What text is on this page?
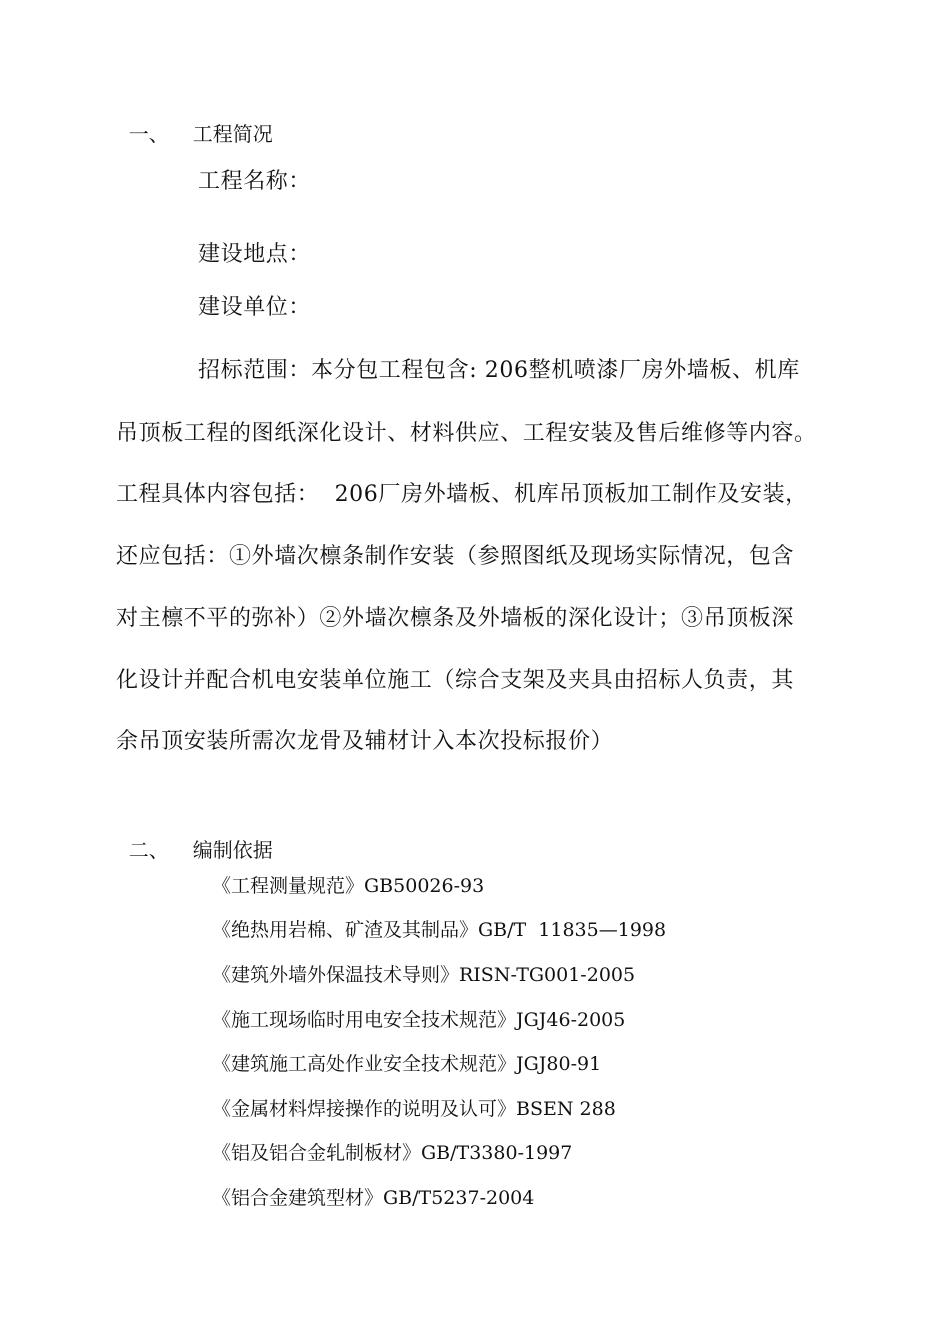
一、 工程简况

工程名称：
建设地点：
建设单位：
招标范围：本分包工程包含: 206整机喷漆厂房外墙板、机库
吊顶板工程的图纸深化设计、材料供应、工程安装及售后维修等内容。
工程具体内容包括：  206厂房外墙板、机库吊顶板加工制作及安装，
还应包括：①外墙次檩条制作安装（参照图纸及现场实际情况，包含
对主檩不平的弥补）②外墙次檩条及外墙板的深化设计；③吊顶板深
化设计并配合机电安装单位施工（综合支架及夹具由招标人负责，其
余吊顶安装所需次龙骨及辅材计入本次投标报价）

二、 编制依据

《工程测量规范》GB50026-93
《绝热用岩棉、矿渣及其制品》GB/T  11835—1998
《建筑外墙外保温技术导则》RISN-TG001-2005
《施工现场临时用电安全技术规范》JGJ46-2005
《建筑施工高处作业安全技术规范》JGJ80-91
《金属材料焊接操作的说明及认可》BSEN 288
《铝及铝合金轧制板材》GB/T3380-1997
《铝合金建筑型材》GB/T5237-2004
